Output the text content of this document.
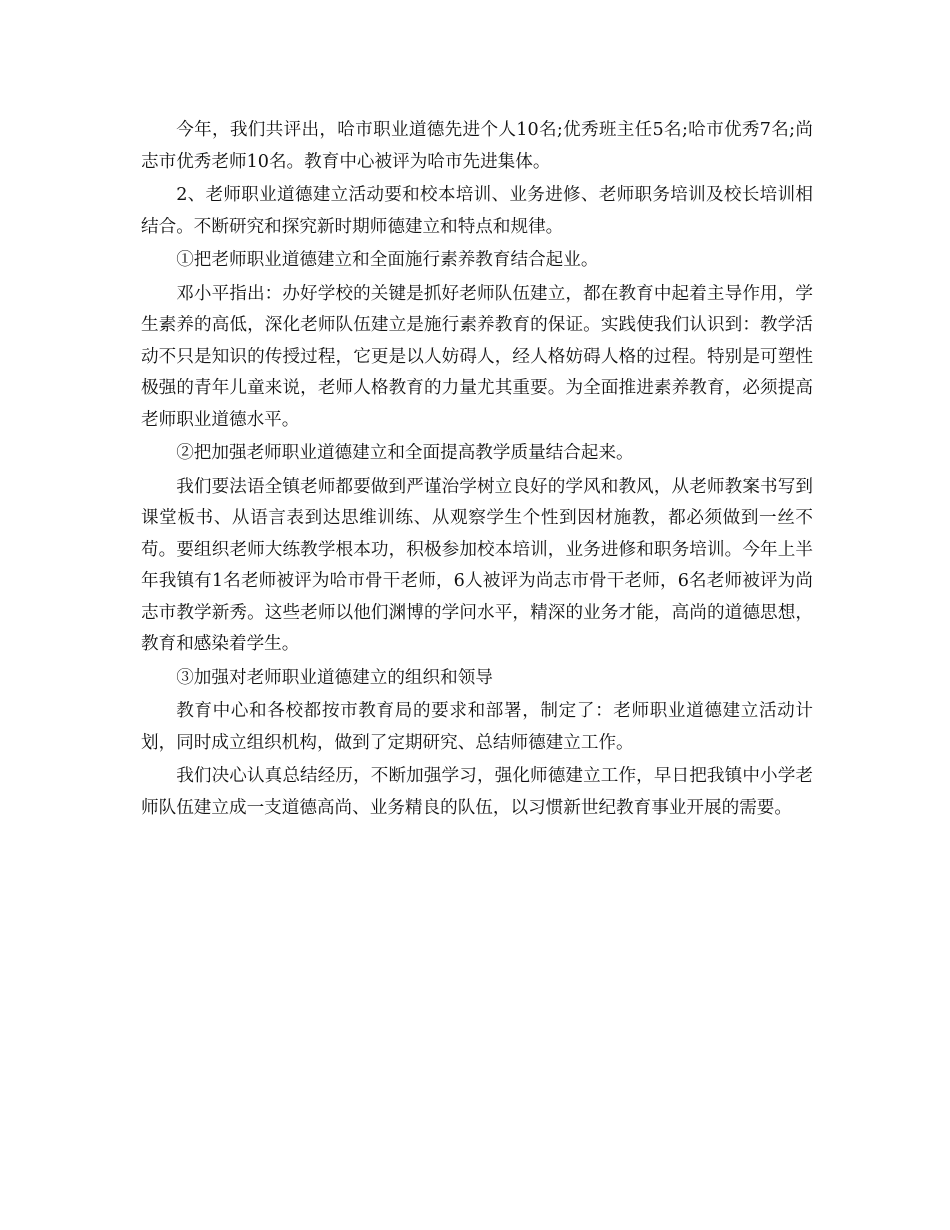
今年，我们共评出，哈市职业道德先进个人10名;优秀班主任5名;哈市优秀7名;尚志市优秀老师10名。教育中心被评为哈市先进集体。

2、老师职业道德建立活动要和校本培训、业务进修、老师职务培训及校长培训相结合。不断研究和探究新时期师德建立和特点和规律。

①把老师职业道德建立和全面施行素养教育结合起业。

邓小平指出：办好学校的关键是抓好老师队伍建立，都在教育中起着主导作用，学生素养的高低，深化老师队伍建立是施行素养教育的保证。实践使我们认识到：教学活动不只是知识的传授过程，它更是以人妨碍人，经人格妨碍人格的过程。特别是可塑性极强的青年儿童来说，老师人格教育的力量尤其重要。为全面推进素养教育，必须提高老师职业道德水平。

②把加强老师职业道德建立和全面提高教学质量结合起来。

我们要法语全镇老师都要做到严谨治学树立良好的学风和教风，从老师教案书写到课堂板书、从语言表到达思维训练、从观察学生个性到因材施教，都必须做到一丝不苟。要组织老师大练教学根本功，积极参加校本培训，业务进修和职务培训。今年上半年我镇有1名老师被评为哈市骨干老师，6人被评为尚志市骨干老师，6名老师被评为尚志市教学新秀。这些老师以他们渊博的学问水平，精深的业务才能，高尚的道德思想，教育和感染着学生。

③加强对老师职业道德建立的组织和领导

教育中心和各校都按市教育局的要求和部署，制定了：老师职业道德建立活动计划，同时成立组织机构，做到了定期研究、总结师德建立工作。

我们决心认真总结经历，不断加强学习，强化师德建立工作，早日把我镇中小学老师队伍建立成一支道德高尚、业务精良的队伍，以习惯新世纪教育事业开展的需要。
